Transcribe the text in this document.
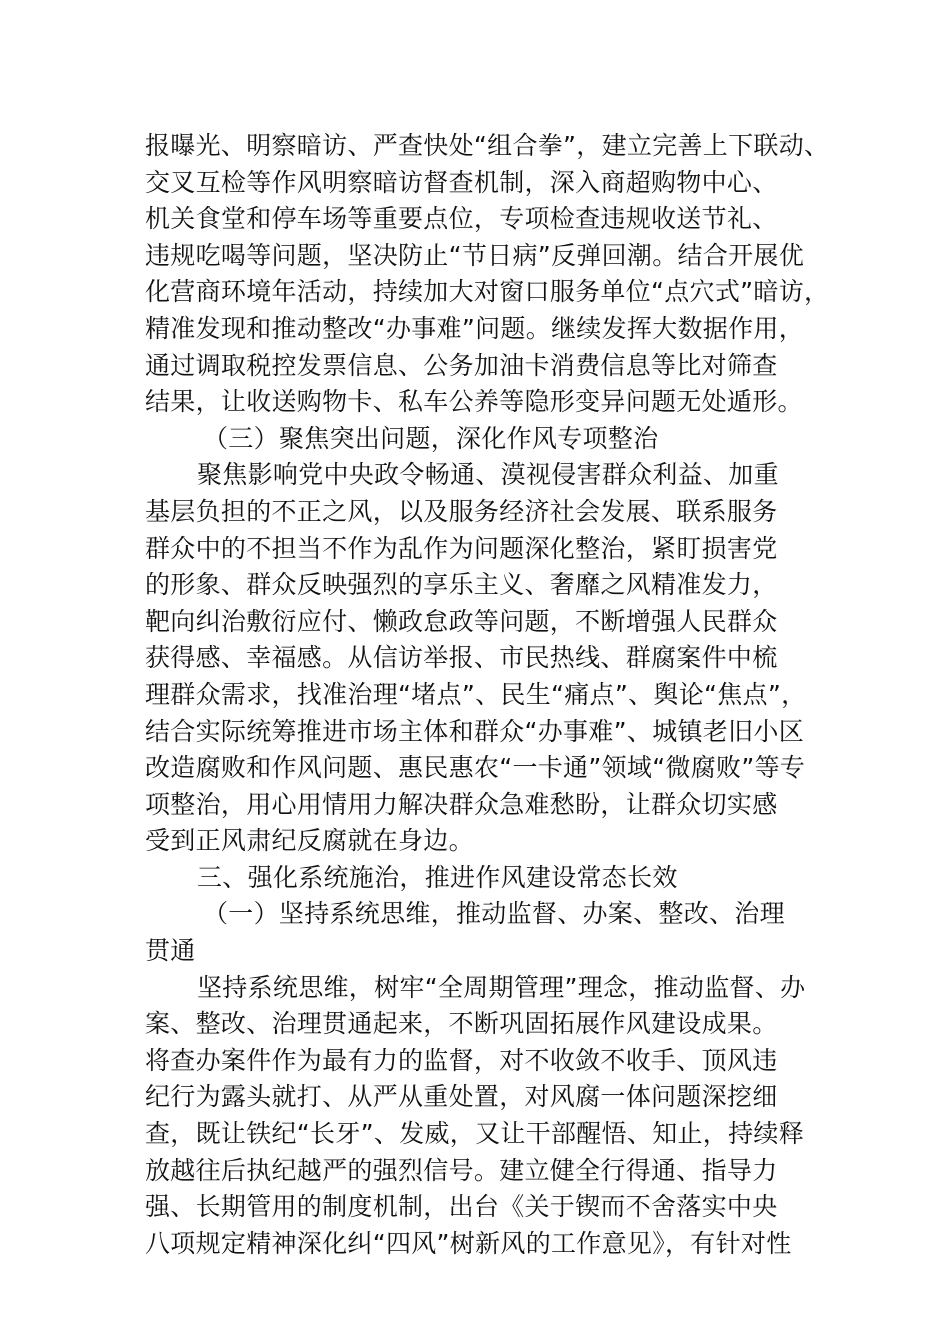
报曝光、明察暗访、严查快处“组合拳”，建立完善上下联动、
交叉互检等作风明察暗访督查机制，深入商超购物中心、
机关食堂和停车场等重要点位，专项检查违规收送节礼、
违规吃喝等问题，坚决防止“节日病”反弹回潮。结合开展优
化营商环境年活动，持续加大对窗口服务单位“点穴式”暗访，
精准发现和推动整改“办事难”问题。继续发挥大数据作用，
通过调取税控发票信息、公务加油卡消费信息等比对筛查
结果，让收送购物卡、私车公养等隐形变异问题无处遁形。
（三）聚焦突出问题，深化作风专项整治
聚焦影响党中央政令畅通、漠视侵害群众利益、加重
基层负担的不正之风，以及服务经济社会发展、联系服务
群众中的不担当不作为乱作为问题深化整治，紧盯损害党
的形象、群众反映强烈的享乐主义、奢靡之风精准发力，
靶向纠治敷衍应付、懒政怠政等问题，不断增强人民群众
获得感、幸福感。从信访举报、市民热线、群腐案件中梳
理群众需求，找准治理“堵点”、民生“痛点”、舆论“焦点”，
结合实际统筹推进市场主体和群众“办事难”、城镇老旧小区
改造腐败和作风问题、惠民惠农“一卡通”领域“微腐败”等专
项整治，用心用情用力解决群众急难愁盼，让群众切实感
受到正风肃纪反腐就在身边。
三、强化系统施治，推进作风建设常态长效
（一）坚持系统思维，推动监督、办案、整改、治理
贯通
坚持系统思维，树牢“全周期管理”理念，推动监督、办
案、整改、治理贯通起来，不断巩固拓展作风建设成果。
将查办案件作为最有力的监督，对不收敛不收手、顶风违
纪行为露头就打、从严从重处置，对风腐一体问题深挖细
查，既让铁纪“长牙”、发威，又让干部醒悟、知止，持续释
放越往后执纪越严的强烈信号。建立健全行得通、指导力
强、长期管用的制度机制，出台《关于锲而不舍落实中央
八项规定精神深化纠“四风”树新风的工作意见》，有针对性
